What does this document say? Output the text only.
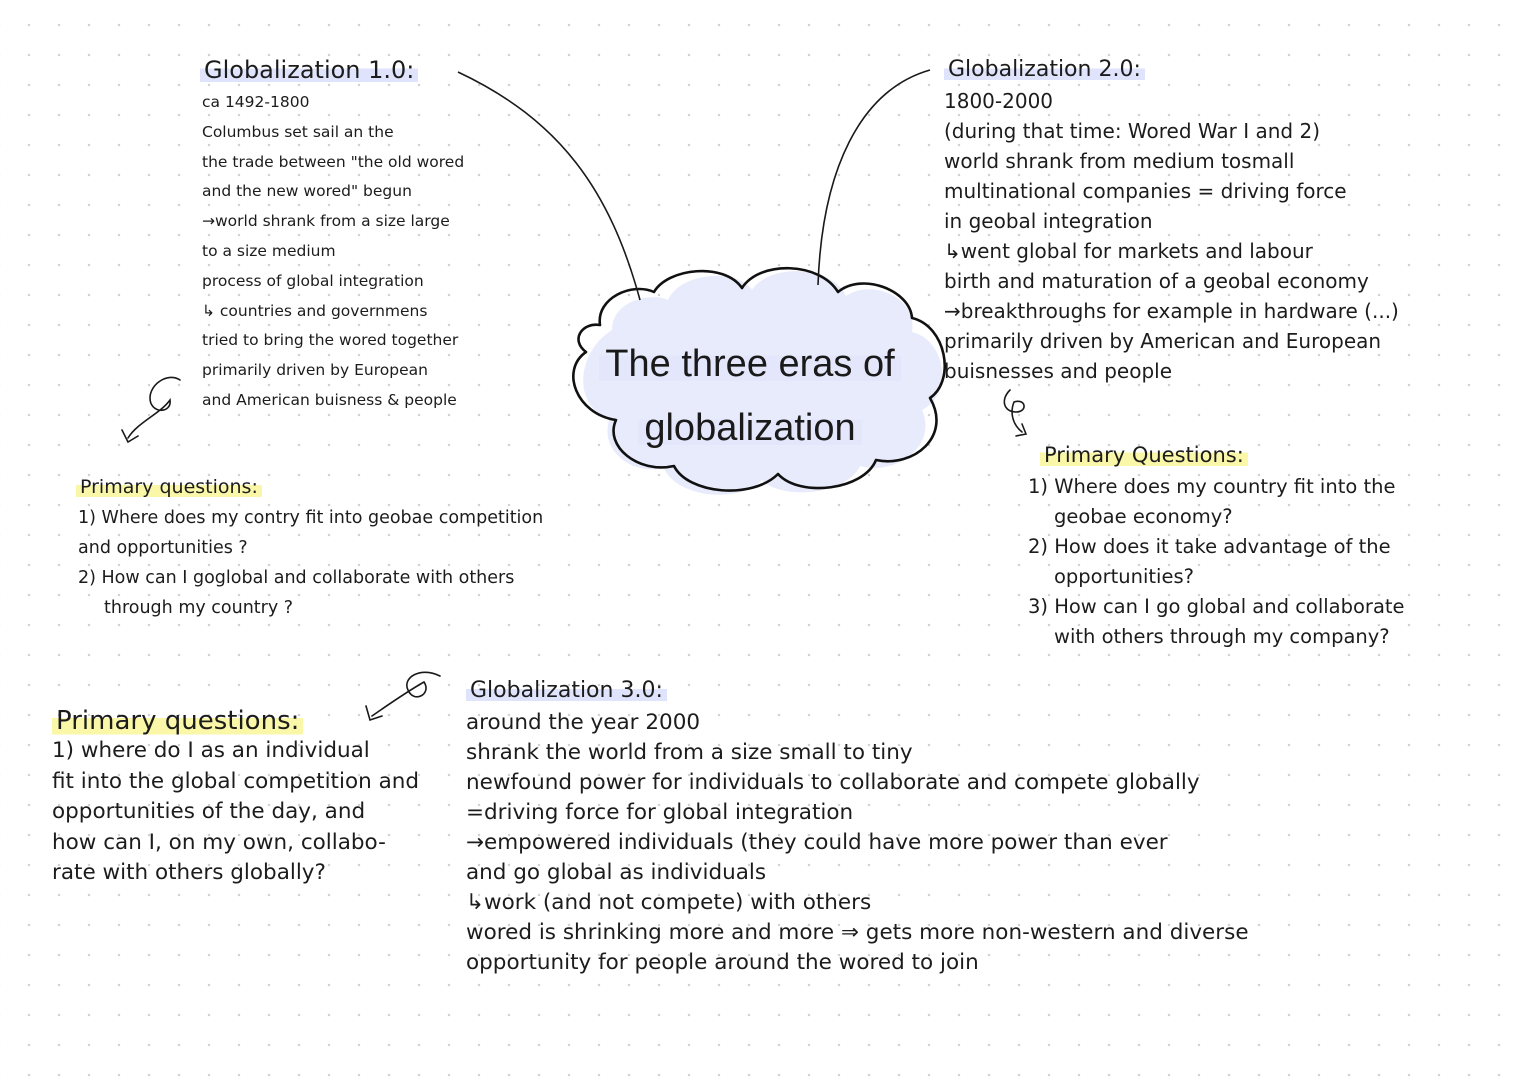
The three eras of
globalization
Globalization 1.0:
ca 1492-1800
Columbus set sail an the
the trade between "the old wored
and the new wored" begun
→world shrank from a size large
to a size medium
process of global integration
↳ countries and governmens
tried to bring the wored together
primarily driven by European
and American buisness & people
Primary questions:
1) Where does my contry fit into geobae competition
and opportunities ?
2) How can I goglobal and collaborate with others
through my country ?
Globalization 2.0:
1800-2000
(during that time: Wored War I and 2)
world shrank from medium tosmall
multinational companies = driving force
in geobal integration
↳went global for markets and labour
birth and maturation of a geobal economy
→breakthroughs for example in hardware (...)
primarily driven by American and European
buisnesses and people
Primary Questions:
1) Where does my country fit into the
geobae economy?
2) How does it take advantage of the
opportunities?
3) How can I go global and collaborate
with others through my company?
Primary questions:
1) where do I as an individual
fit into the global competition and
opportunities of the day, and
how can I, on my own, collabo-
rate with others globally?
Globalization 3.0:
around the year 2000
shrank the world from a size small to tiny
newfound power for individuals to collaborate and compete globally
=driving force for global integration
→empowered individuals (they could have more power than ever
and go global as individuals
↳work (and not compete) with others
wored is shrinking more and more ⇒ gets more non-western and diverse
opportunity for people around the wored to join
